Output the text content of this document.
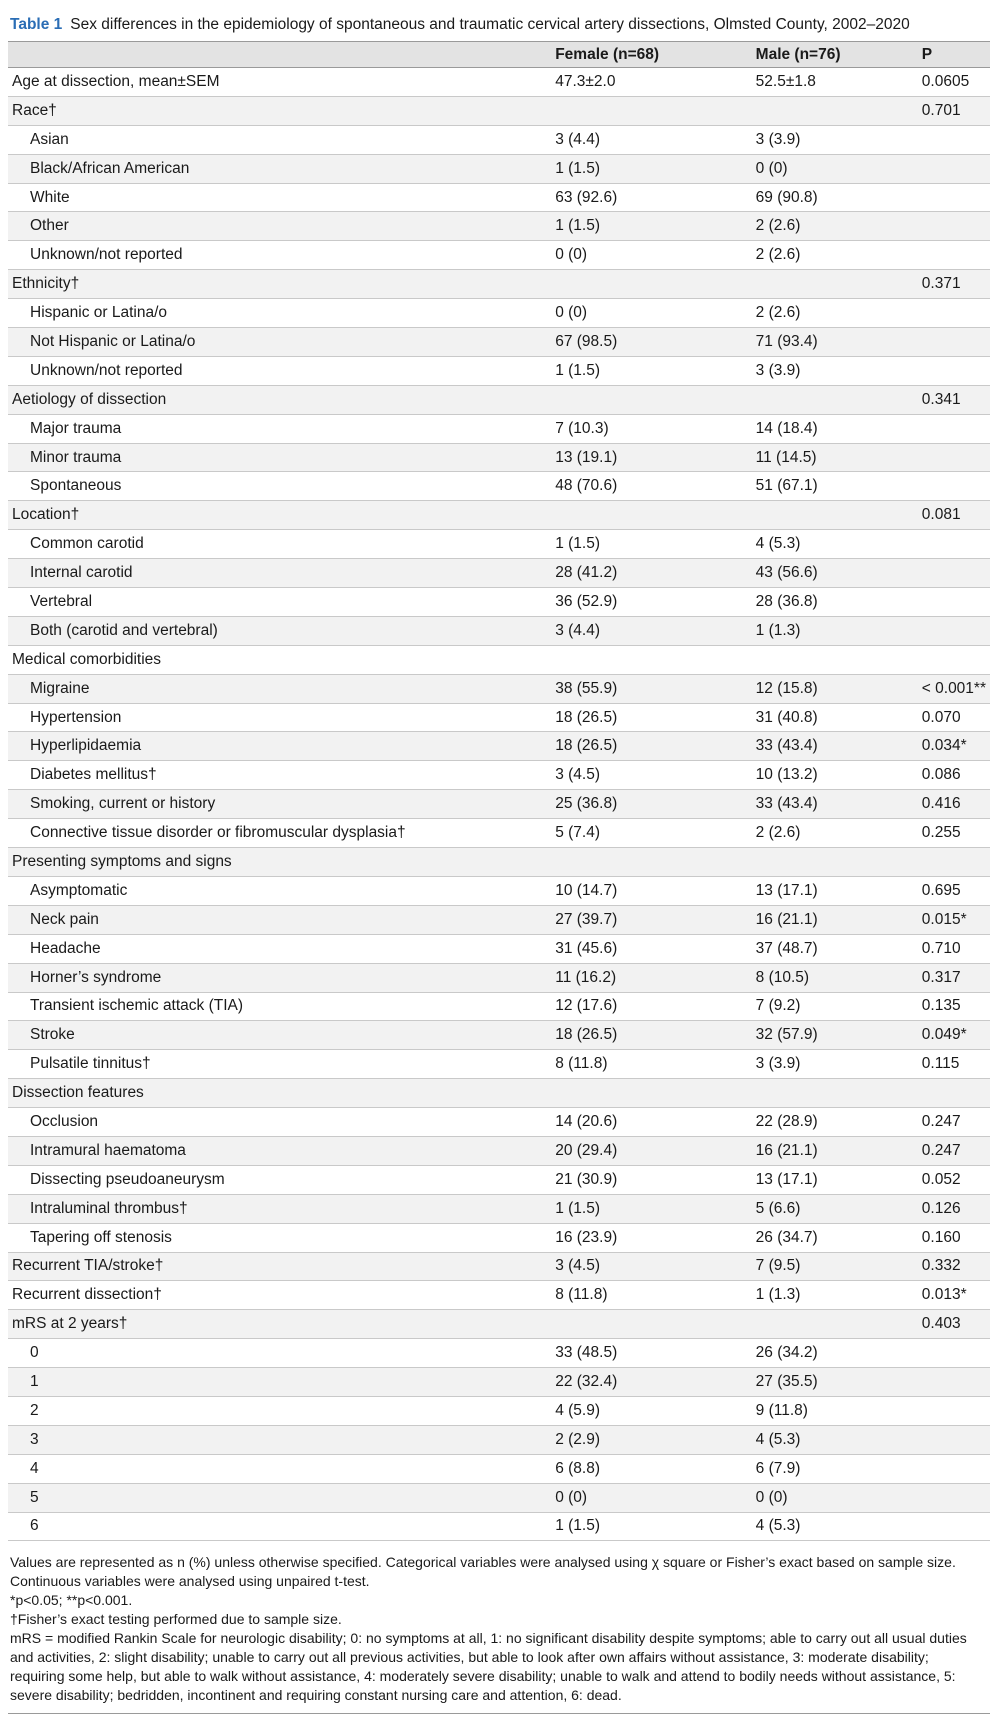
Table 1 Sex differences in the epidemiology of spontaneous and traumatic cervical artery dissections, Olmsted County, 2002–2020
	Female (n=68)	Male (n=76)	P
Age at dissection, mean±SEM	47.3±2.0	52.5±1.8	0.0605
Race†			0.701
Asian	3 (4.4)	3 (3.9)	
Black/African American	1 (1.5)	0 (0)	
White	63 (92.6)	69 (90.8)	
Other	1 (1.5)	2 (2.6)	
Unknown/not reported	0 (0)	2 (2.6)	
Ethnicity†			0.371
Hispanic or Latina/o	0 (0)	2 (2.6)	
Not Hispanic or Latina/o	67 (98.5)	71 (93.4)	
Unknown/not reported	1 (1.5)	3 (3.9)	
Aetiology of dissection			0.341
Major trauma	7 (10.3)	14 (18.4)	
Minor trauma	13 (19.1)	11 (14.5)	
Spontaneous	48 (70.6)	51 (67.1)	
Location†			0.081
Common carotid	1 (1.5)	4 (5.3)	
Internal carotid	28 (41.2)	43 (56.6)	
Vertebral	36 (52.9)	28 (36.8)	
Both (carotid and vertebral)	3 (4.4)	1 (1.3)	
Medical comorbidities			
Migraine	38 (55.9)	12 (15.8)	< 0.001**
Hypertension	18 (26.5)	31 (40.8)	0.070
Hyperlipidaemia	18 (26.5)	33 (43.4)	0.034*
Diabetes mellitus†	3 (4.5)	10 (13.2)	0.086
Smoking, current or history	25 (36.8)	33 (43.4)	0.416
Connective tissue disorder or fibromuscular dysplasia†	5 (7.4)	2 (2.6)	0.255
Presenting symptoms and signs			
Asymptomatic	10 (14.7)	13 (17.1)	0.695
Neck pain	27 (39.7)	16 (21.1)	0.015*
Headache	31 (45.6)	37 (48.7)	0.710
Horner’s syndrome	11 (16.2)	8 (10.5)	0.317
Transient ischemic attack (TIA)	12 (17.6)	7 (9.2)	0.135
Stroke	18 (26.5)	32 (57.9)	0.049*
Pulsatile tinnitus†	8 (11.8)	3 (3.9)	0.115
Dissection features			
Occlusion	14 (20.6)	22 (28.9)	0.247
Intramural haematoma	20 (29.4)	16 (21.1)	0.247
Dissecting pseudoaneurysm	21 (30.9)	13 (17.1)	0.052
Intraluminal thrombus†	1 (1.5)	5 (6.6)	0.126
Tapering off stenosis	16 (23.9)	26 (34.7)	0.160
Recurrent TIA/stroke†	3 (4.5)	7 (9.5)	0.332
Recurrent dissection†	8 (11.8)	1 (1.3)	0.013*
mRS at 2 years†			0.403
0	33 (48.5)	26 (34.2)	
1	22 (32.4)	27 (35.5)	
2	4 (5.9)	9 (11.8)	
3	2 (2.9)	4 (5.3)	
4	6 (8.8)	6 (7.9)	
5	0 (0)	0 (0)	
6	1 (1.5)	4 (5.3)	

Values are represented as n (%) unless otherwise specified. Categorical variables were analysed using χ square or Fisher’s exact based on sample size. Continuous variables were analysed using unpaired t-test.

*p<0.05; **p<0.001.

†Fisher’s exact testing performed due to sample size.

mRS = modified Rankin Scale for neurologic disability; 0: no symptoms at all, 1: no significant disability despite symptoms; able to carry out all usual duties and activities, 2: slight disability; unable to carry out all previous activities, but able to look after own affairs without assistance, 3: moderate disability; requiring some help, but able to walk without assistance, 4: moderately severe disability; unable to walk and attend to bodily needs without assistance, 5: severe disability; bedridden, incontinent and requiring constant nursing care and attention, 6: dead.
